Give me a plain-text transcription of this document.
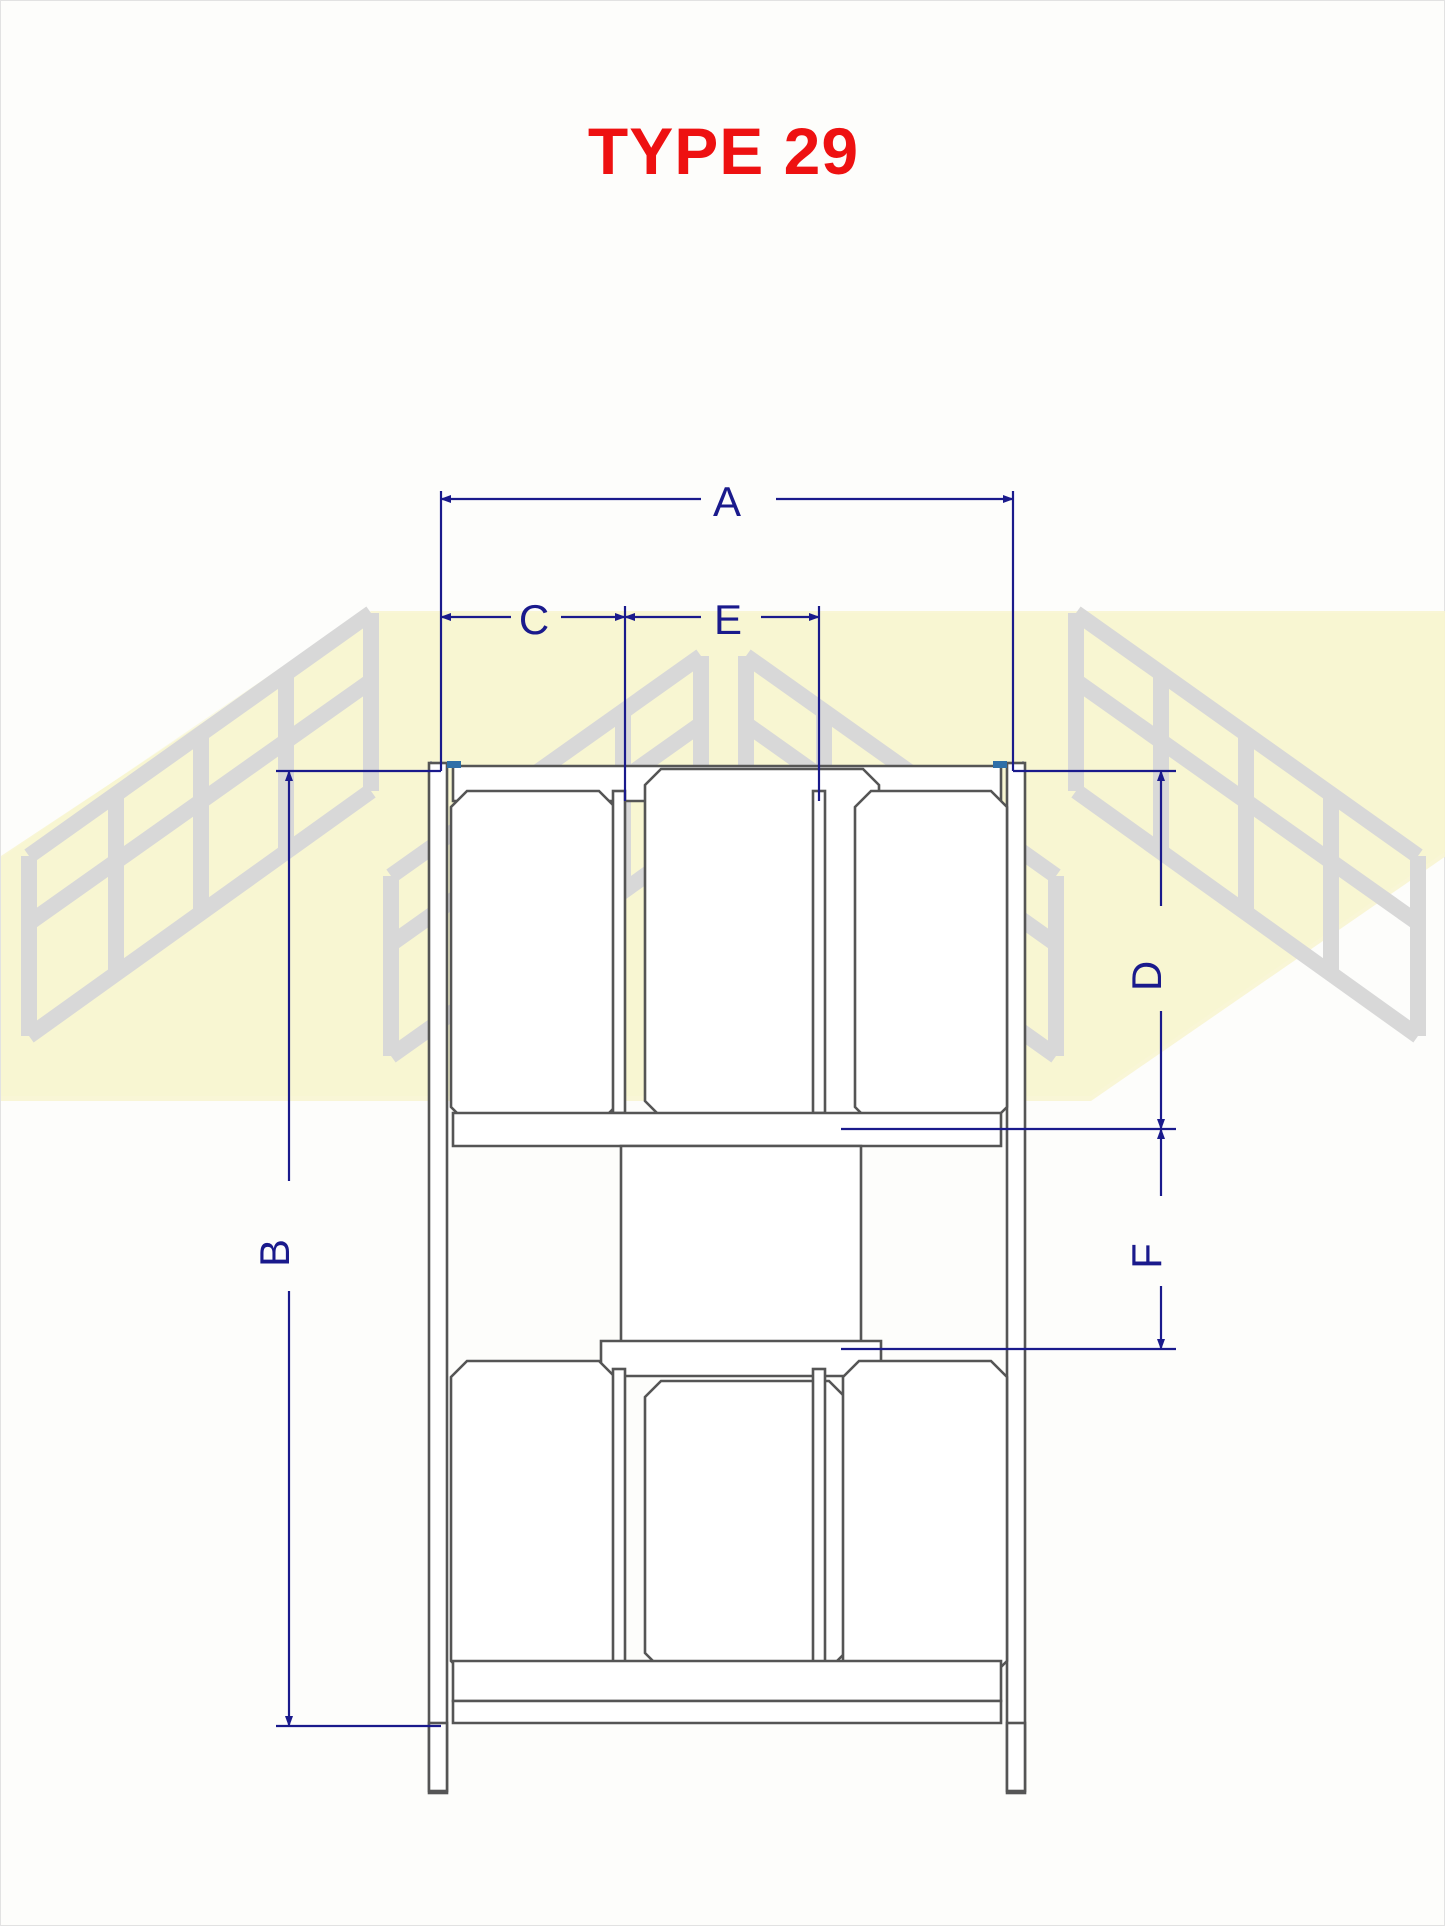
TYPE 29
A
C	E
B
D
F
